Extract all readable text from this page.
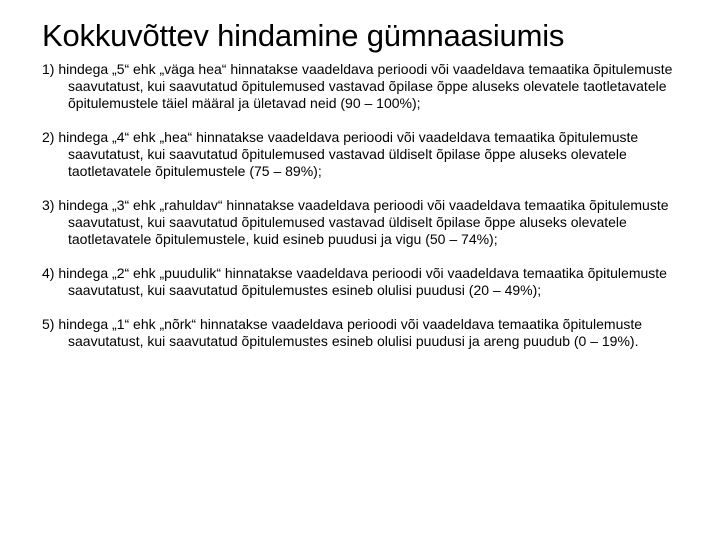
Kokkuvõttev hindamine gümnaasiumis
1) hindega „5“ ehk „väga hea“ hinnatakse vaadeldava perioodi või vaadeldava temaatika õpitulemuste saavutatust, kui saavutatud õpitulemused vastavad õpilase õppe aluseks olevatele taotletavatele õpitulemustele täiel määral ja ületavad neid (90 – 100%);
2) hindega „4“ ehk „hea“ hinnatakse vaadeldava perioodi või vaadeldava temaatika õpitulemuste saavutatust, kui saavutatud õpitulemused vastavad üldiselt õpilase õppe aluseks olevatele taotletavatele õpitulemustele (75 – 89%);
3) hindega „3“ ehk „rahuldav“ hinnatakse vaadeldava perioodi või vaadeldava temaatika õpitulemuste saavutatust, kui saavutatud õpitulemused vastavad üldiselt õpilase õppe aluseks olevatele taotletavatele õpitulemustele, kuid esineb puudusi ja vigu (50 – 74%);
4) hindega „2“ ehk „puudulik“ hinnatakse vaadeldava perioodi või vaadeldava temaatika õpitulemuste saavutatust, kui saavutatud õpitulemustes esineb olulisi puudusi (20 – 49%);
5) hindega „1“ ehk „nõrk“ hinnatakse vaadeldava perioodi või vaadeldava temaatika õpitulemuste saavutatust, kui saavutatud õpitulemustes esineb olulisi puudusi ja areng puudub (0 – 19%).
